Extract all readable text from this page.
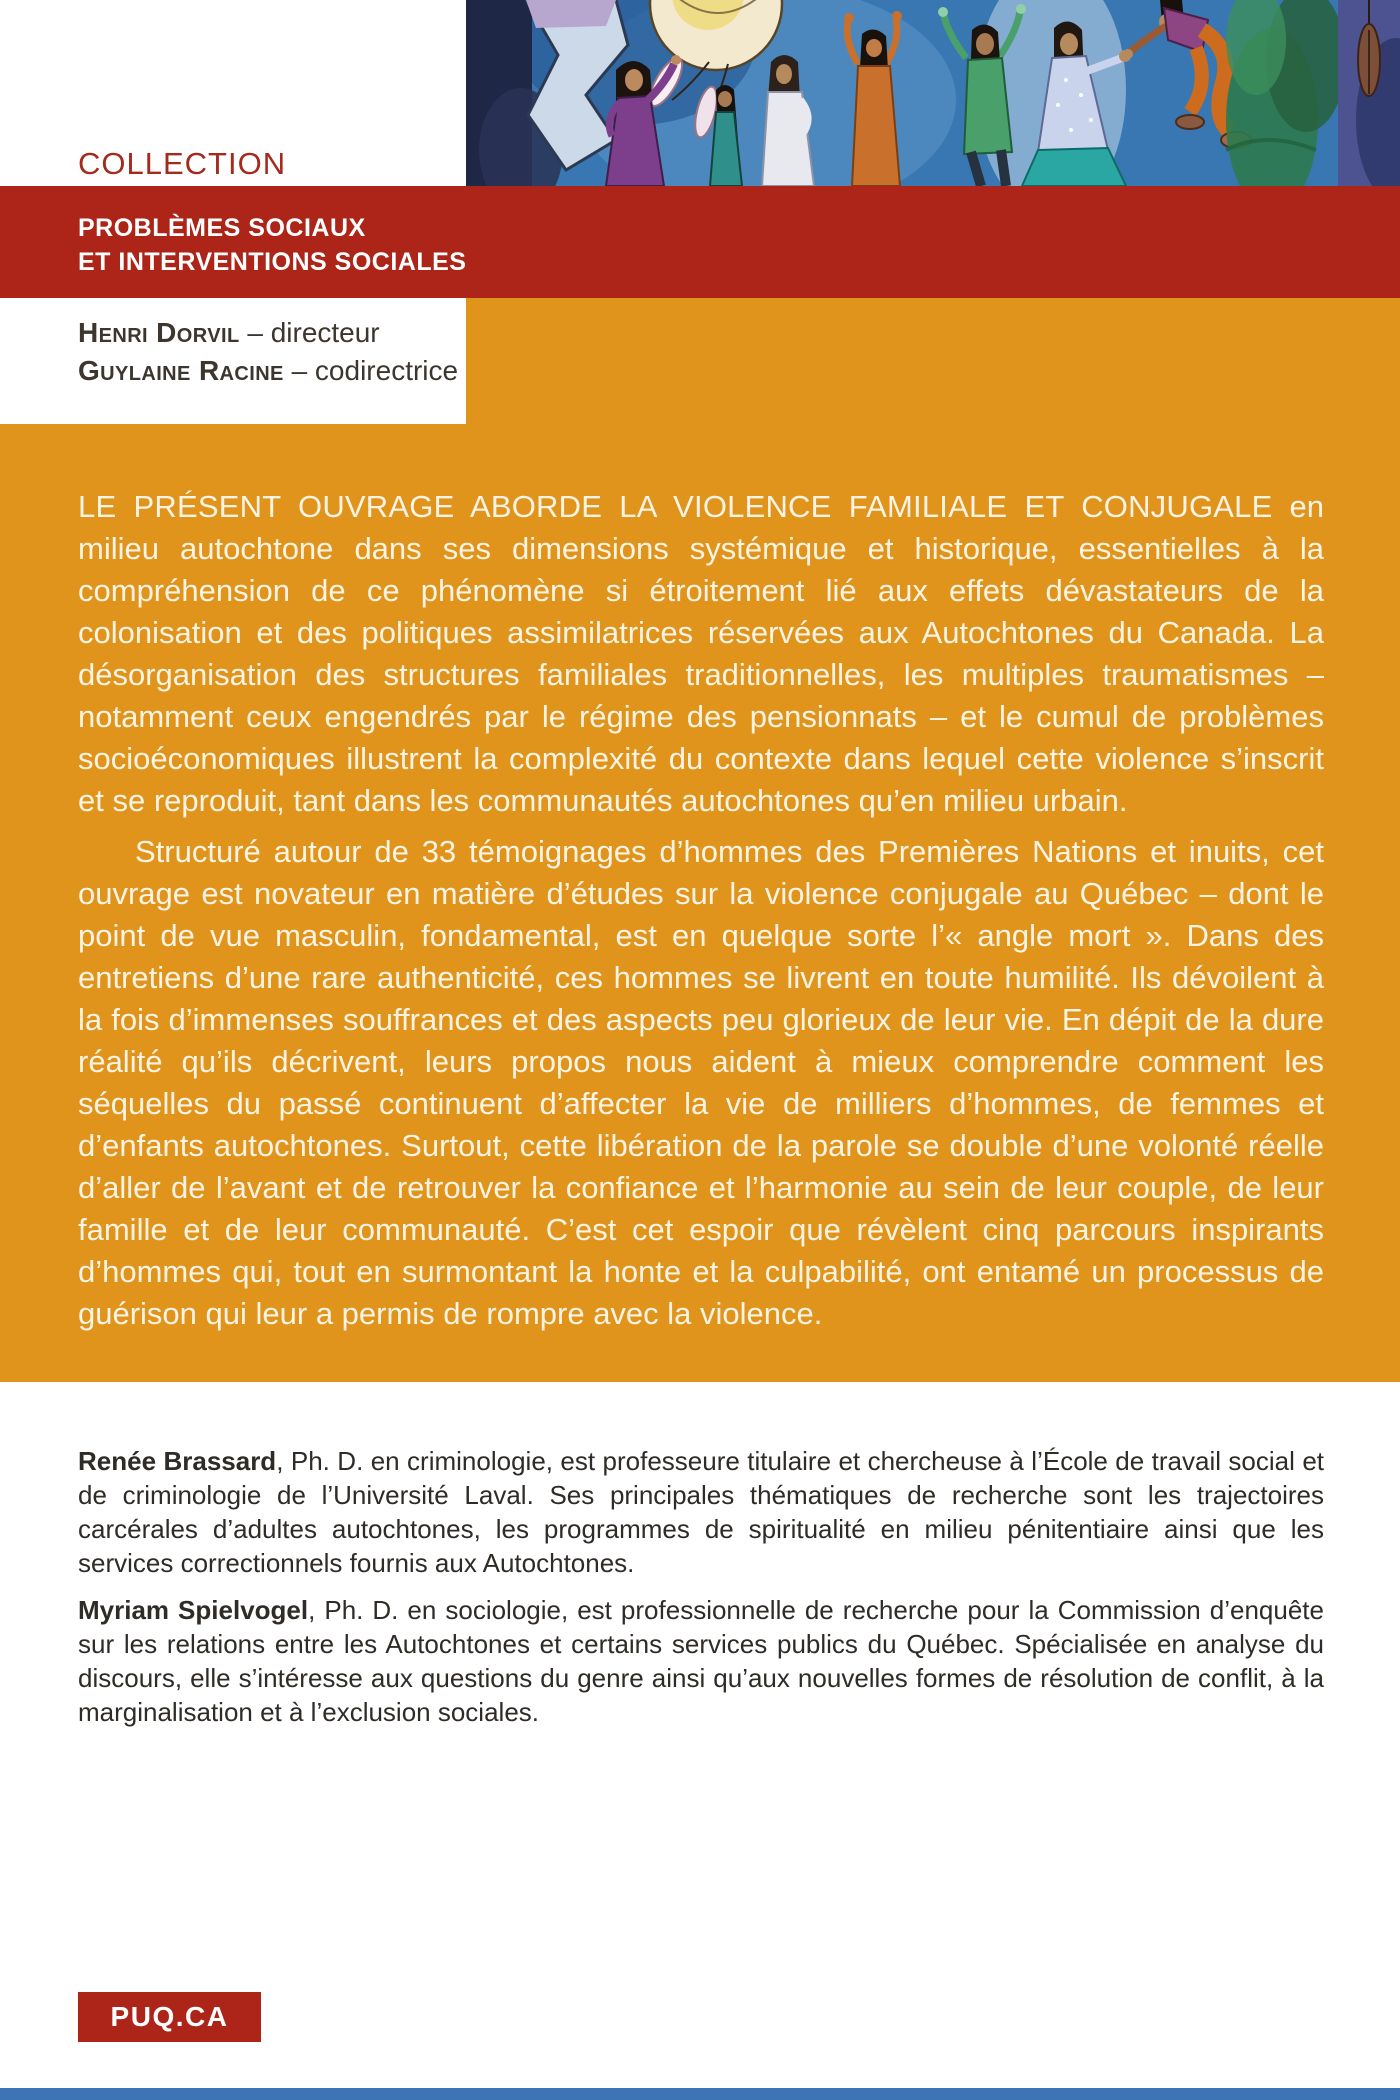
COLLECTION
PROBLÈMES SOCIAUX
ET INTERVENTIONS SOCIALES
Henri Dorvil – directeur
Guylaine Racine – codirectrice

LE PRÉSENT OUVRAGE ABORDE LA VIOLENCE FAMILIALE ET CONJUGALE en milieu autochtone dans ses dimensions systémique et historique, essentielles à la compréhension de ce phénomène si étroitement lié aux effets dévastateurs de la colonisation et des politiques assimilatrices réservées aux Autochtones du Canada. La désorganisation des structures familiales traditionnelles, les multiples traumatismes – notamment ceux engendrés par le régime des pensionnats – et le cumul de problèmes socioéconomiques illustrent la complexité du contexte dans lequel cette violence s’inscrit et se reproduit, tant dans les communautés autochtones qu’en milieu urbain.

Structuré autour de 33 témoignages d’hommes des Premières Nations et inuits, cet ouvrage est novateur en matière d’études sur la violence conjugale au Québec – dont le point de vue masculin, fondamental, est en quelque sorte l’« angle mort ». Dans des entretiens d’une rare authenticité, ces hommes se livrent en toute humilité. Ils dévoilent à la fois d’immenses souffrances et des aspects peu glorieux de leur vie. En dépit de la dure réalité qu’ils décrivent, leurs propos nous aident à mieux comprendre comment les séquelles du passé continuent d’affecter la vie de milliers d’hommes, de femmes et d’enfants autochtones. Surtout, cette libération de la parole se double d’une volonté réelle d’aller de l’avant et de retrouver la confiance et l’harmonie au sein de leur couple, de leur famille et de leur communauté. C’est cet espoir que révèlent cinq parcours inspirants d’hommes qui, tout en surmontant la honte et la culpabilité, ont entamé un processus de guérison qui leur a permis de rompre avec la violence.

Renée Brassard, Ph. D. en criminologie, est professeure titulaire et chercheuse à l’École de travail social et de criminologie de l’Université Laval. Ses principales thématiques de recherche sont les trajectoires carcérales d’adultes autochtones, les programmes de spiritualité en milieu pénitentiaire ainsi que les services correctionnels fournis aux Autochtones.

Myriam Spielvogel, Ph. D. en sociologie, est professionnelle de recherche pour la Commission d’enquête sur les relations entre les Autochtones et certains services publics du Québec. Spécialisée en analyse du discours, elle s’intéresse aux questions du genre ainsi qu’aux nouvelles formes de résolution de conflit, à la marginalisation et à l’exclusion sociales.

PUQ.CA
